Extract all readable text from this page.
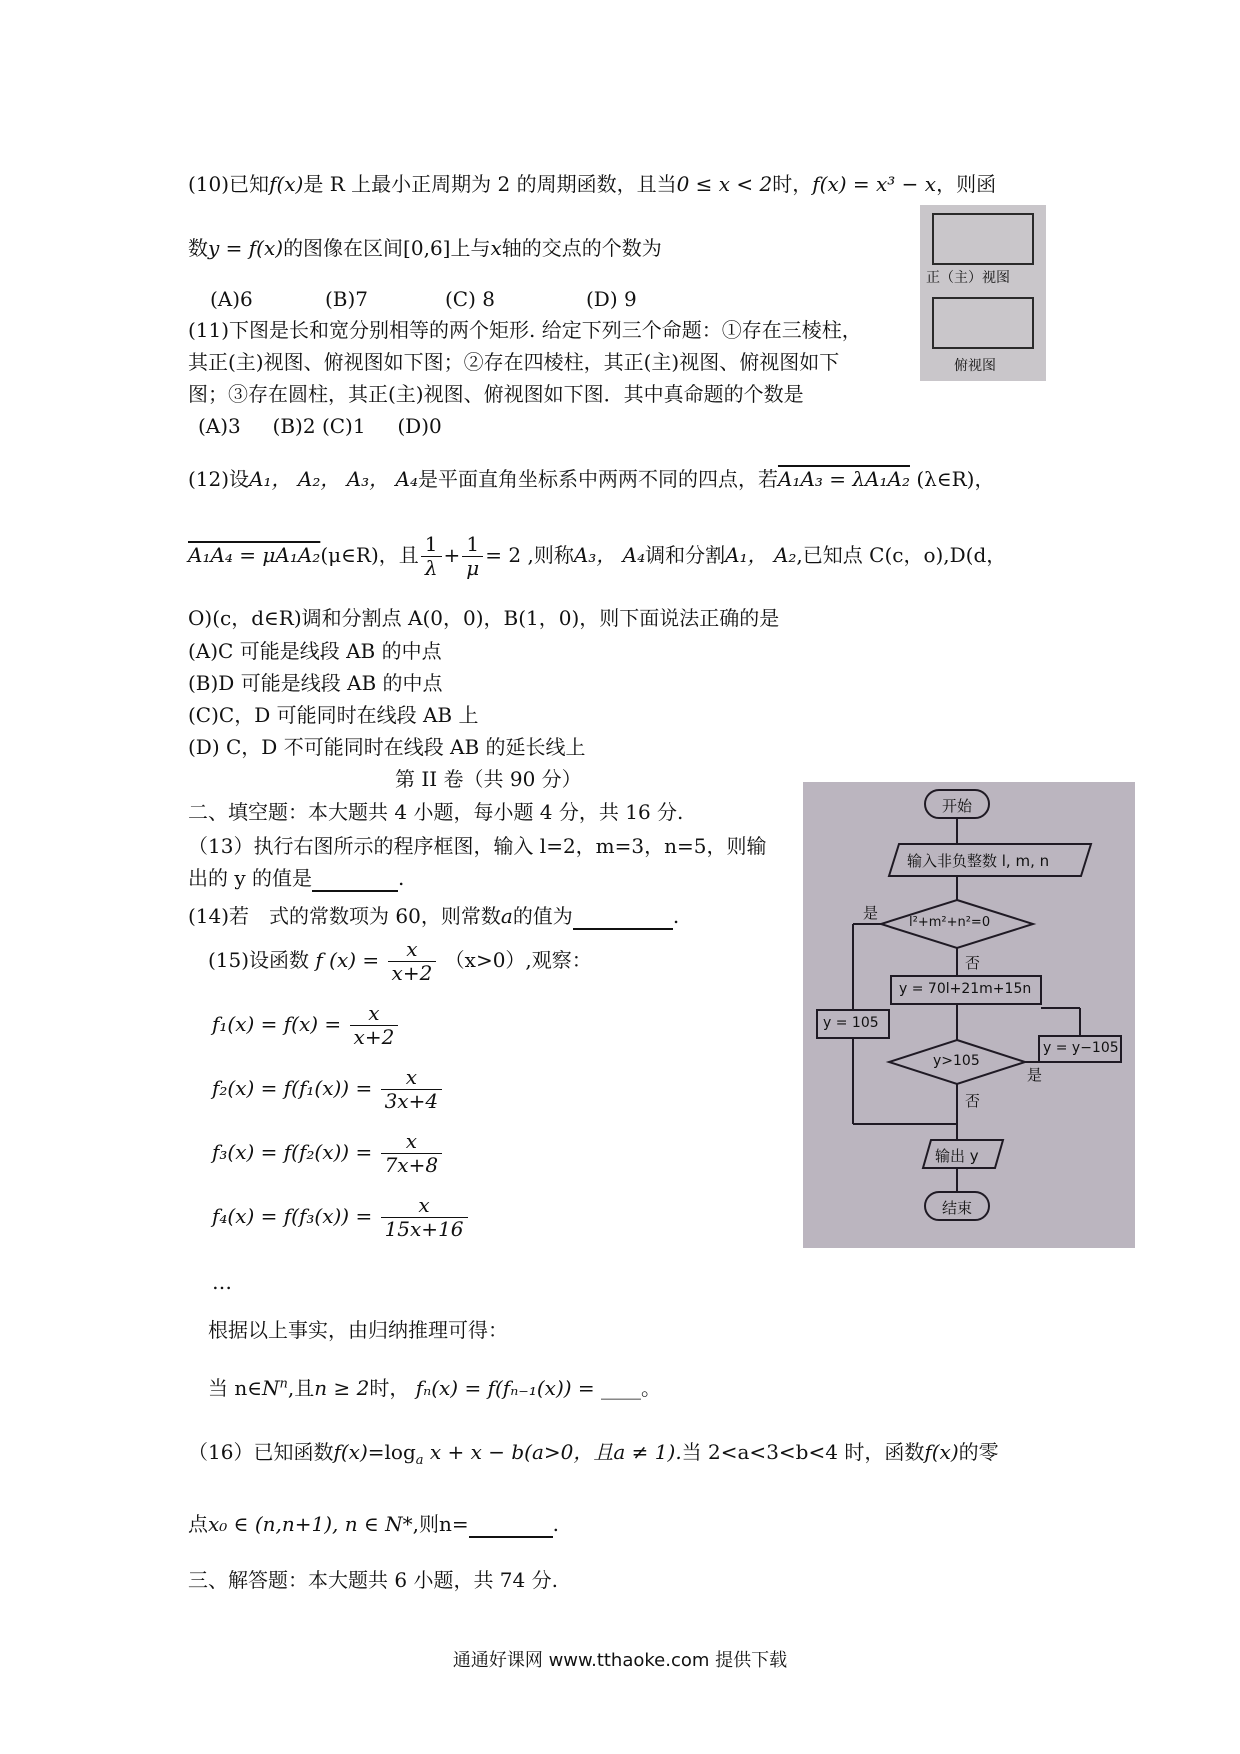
(10)已知f(x)是 R 上最小正周期为 2 的周期函数，且当0 ≤ x < 2时，f(x) = x³ − x，则函
数y = f(x)的图像在区间[0,6]上与x轴的交点的个数为
(A)6	(B)7	(C) 8	(D) 9
正（主）视图
俯视图
(11)下图是长和宽分别相等的两个矩形. 给定下列三个命题：①存在三棱柱，
其正(主)视图、俯视图如下图；②存在四棱柱，其正(主)视图、俯视图如下
图；③存在圆柱，其正(主)视图、俯视图如下图．其中真命题的个数是
(A)3     (B)2 (C)1     (D)0
(12)设A₁， A₂， A₃， A₄是平面直角坐标系中两两不同的四点，若A₁A₃ = λA₁A₂ (λ∈R)，
A₁A₄ = μA₁A₂(μ∈R)，且 $\frac{1}{\lambda} + \frac{1}{\mu} = 2$ ,则称A₃， A₄调和分割A₁， A₂,已知点 C(c，o),D(d，
O)(c，d∈R)调和分割点 A(0，0)，B(1，0)，则下面说法正确的是
(A)C 可能是线段 AB 的中点
(B)D 可能是线段 AB 的中点
(C)C，D 可能同时在线段 AB 上
(D) C，D 不可能同时在线段 AB 的延长线上
第 II 卷（共 90 分）
二、填空题：本大题共 4 小题，每小题 4 分，共 16 分.
（13）执行右图所示的程序框图，输入 l=2，m=3，n=5，则输
出的 y 的值是	.
(14)若　式的常数项为 60，则常数a的值为	.
(15)设函数 f $(x) = \frac{x}{x+2} (x>0)$,观察：
$f_1(x) = f(x) = \frac{x}{x+2}$
$f_2(x) = f(f_1(x)) = \frac{x}{3x+4}$
$f_3(x) = f(f_2(x)) = \frac{x}{7x+8}$
$f_4(x) = f(f_3(x)) = \frac{x}{15x+16}$
…
根据以上事实，由归纳推理可得：
当 $n\in N^n$,且n ≥ 2时， fₙ(x) = f(fₙ₋₁(x)) = ____。
（16）已知函数$f(x)=\log_a$ x + x − b(a>0，且a ≠ 1).当 2<a<3<b<4 时，函数f(x)的零
点x₀ ∈ (n,n+1), n ∈ N*,则n=	.
三、解答题：本大题共 6 小题，共 74 分.
开始
输入非负整数 l, m, n
l²+m²+n²=0
是
否
y = 70l+21m+15n
y = 105
y = y−105
y>105
是
否
输出 y
结束
通通好课网 www.tthaoke.com 提供下载
